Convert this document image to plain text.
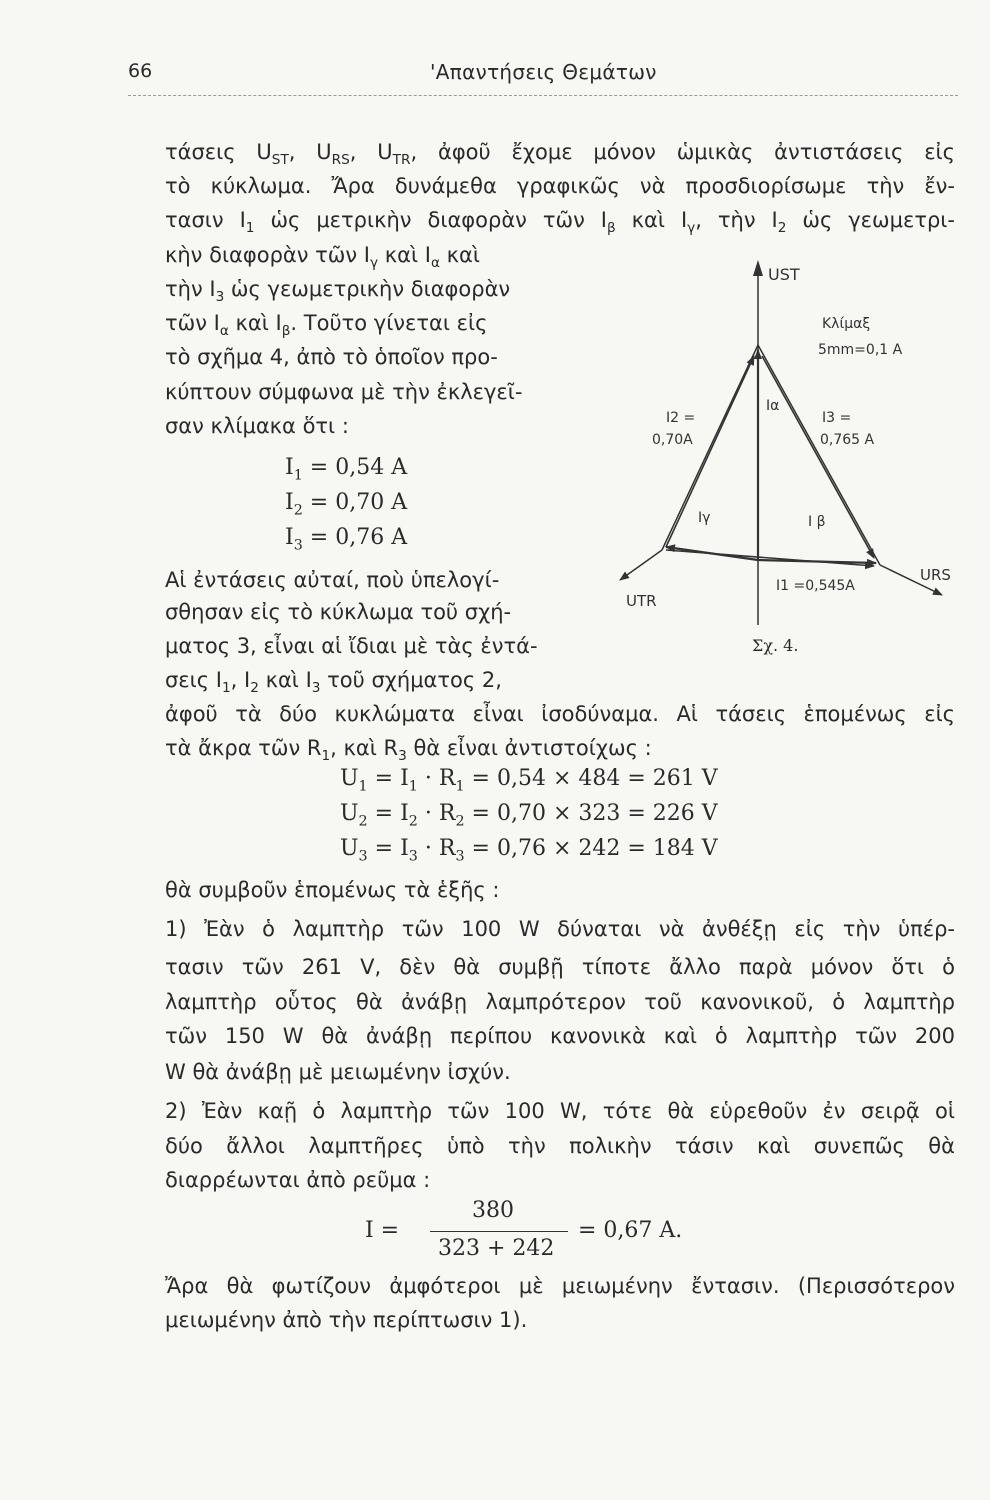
66	'Απαντήσεις Θεμάτων
τάσεις $U_{ST}$, $U_{RS}$, $U_{TR}$, ἀφοῦ ἔχομε μόνον ὡμικὰς ἀντιστάσεις εἰς
τὸ κύκλωμα. Ἄρα δυνάμεθα γραφικῶς νὰ προσδιορίσωμε τὴν ἔν-
τασιν $I_1$ ὡς μετρικὴν διαφορὰν τῶν $I_\beta$ καὶ $I_\gamma$, τὴν $I_2$ ὡς γεωμετρι-
κὴν διαφορὰν τῶν $I_\gamma$ καὶ $I_\alpha$ καὶ
τὴν $I_3$ ὡς γεωμετρικὴν διαφορὰν
τῶν $I_\alpha$ καὶ $I_\beta$. Τοῦτο γίνεται εἰς
τὸ σχῆμα 4, ἀπὸ τὸ ὁποῖον προ-
κύπτουν σύμφωνα μὲ τὴν ἐκλεγεῖ-
σαν κλίμακα ὅτι :
$I_1 = 0,54$ A
$I_2 = 0,70$ A
$I_3 = 0,76$ A
Αἱ ἐντάσεις αὐταί, ποὺ ὑπελογί-
σθησαν εἰς τὸ κύκλωμα τοῦ σχή-
ματος 3, εἶναι αἱ ἴδιαι μὲ τὰς ἐντά-
σεις $I_1$, $I_2$ καὶ $I_3$ τοῦ σχήματος 2,
ἀφοῦ τὰ δύο κυκλώματα εἶναι ἰσοδύναμα. Αἱ τάσεις ἑπομένως εἰς
τὰ ἄκρα τῶν $R_1$, καὶ $R_3$ θὰ εἶναι ἀντιστοίχως :
$U_1 = I_1 \cdot R_1 = 0,54 \times 484 = 261$ V
$U_2 = I_2 \cdot R_2 = 0,70 \times 323 = 226$ V
$U_3 = I_3 \cdot R_3 = 0,76 \times 242 = 184$ V
θὰ συμβοῦν ἑπομένως τὰ ἑξῆς :
1) Ἐὰν ὁ λαμπτὴρ τῶν 100 W δύναται νὰ ἀνθέξῃ εἰς τὴν ὑπέρ-
τασιν τῶν 261 V, δὲν θὰ συμβῇ τίποτε ἄλλο παρὰ μόνον ὅτι ὁ
λαμπτὴρ οὗτος θὰ ἀνάβῃ λαμπρότερον τοῦ κανονικοῦ, ὁ λαμπτὴρ
τῶν 150 W θὰ ἀνάβῃ περίπου κανονικὰ καὶ ὁ λαμπτὴρ τῶν 200
W θὰ ἀνάβῃ μὲ μειωμένην ἰσχύν.
2) Ἐὰν καῇ ὁ λαμπτὴρ τῶν 100 W, τότε θὰ εὑρεθοῦν ἐν σειρᾷ οἱ
δύο ἄλλοι λαμπτῆρες ὑπὸ τὴν πολικὴν τάσιν καὶ συνεπῶς θὰ
διαρρέωνται ἀπὸ ρεῦμα :
I =
380
323 + 242
= 0,67 A.
Ἄρα θὰ φωτίζουν ἀμφότεροι μὲ μειωμένην ἔντασιν. (Περισσότερον
μειωμένην ἀπὸ τὴν περίπτωσιν 1).
UST
Κλίμαξ
5mm=0,1 A
Iα
I2 =
0,70A
I3 =
0,765 A
Iγ	I β
I1 =0,545A
URS
UTR
Σχ. 4.
